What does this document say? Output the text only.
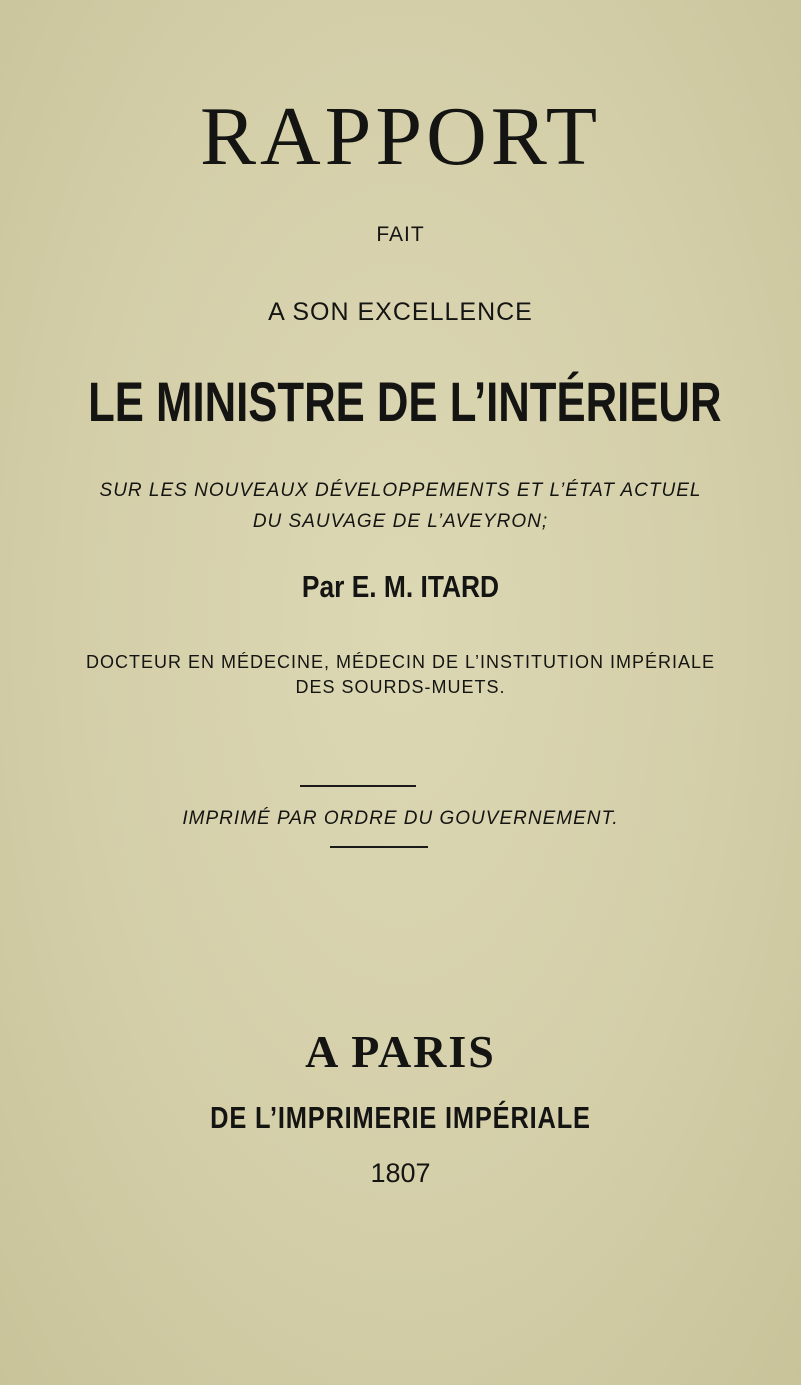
RAPPORT
FAIT
A SON EXCELLENCE
LE MINISTRE DE L’INTÉRIEUR
SUR LES NOUVEAUX DÉVELOPPEMENTS ET L’ÉTAT ACTUEL
DU SAUVAGE DE L’AVEYRON;
Par E. M. ITARD
DOCTEUR EN MÉDECINE, MÉDECIN DE L’INSTITUTION IMPÉRIALE
DES SOURDS-MUETS.
IMPRIMÉ PAR ORDRE DU GOUVERNEMENT.
A PARIS
DE L’IMPRIMERIE IMPÉRIALE
1807
